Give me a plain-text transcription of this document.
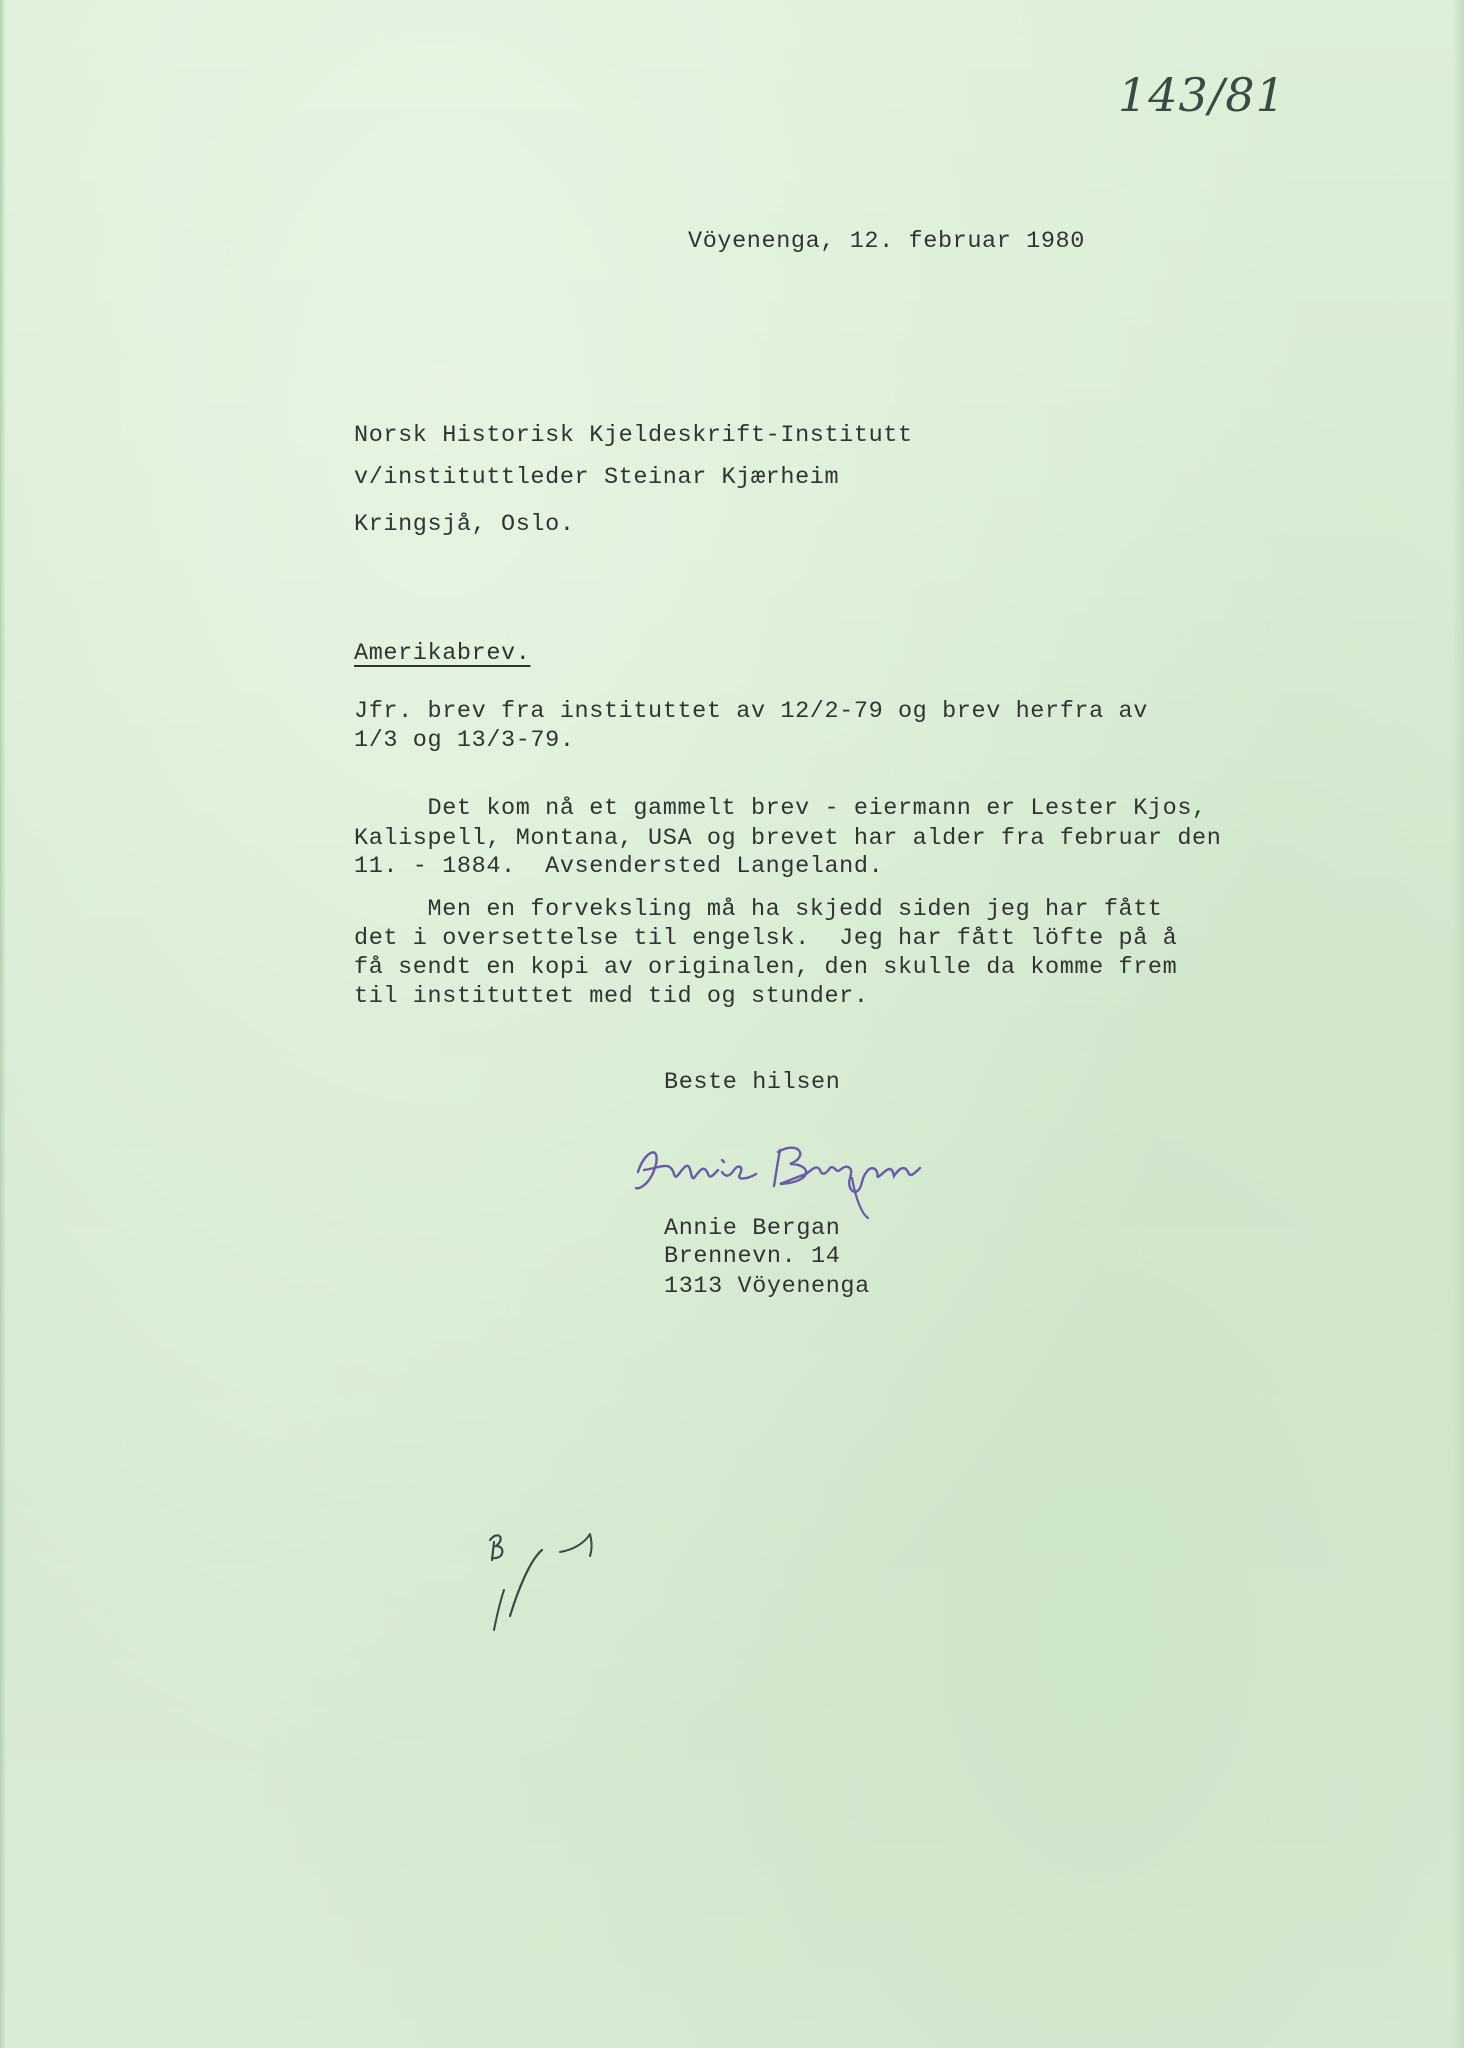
143/81
Vöyenenga, 12. februar 1980
Norsk Historisk Kjeldeskrift-Institutt
v/instituttleder Steinar Kjærheim
Kringsjå, Oslo.
Amerikabrev.
Jfr. brev fra instituttet av 12/2-79 og brev herfra av
1/3 og 13/3-79.
Det kom nå et gammelt brev - eiermann er Lester Kjos,
Kalispell, Montana, USA og brevet har alder fra februar den
11. - 1884.  Avsendersted Langeland.
Men en forveksling må ha skjedd siden jeg har fått
det i oversettelse til engelsk.  Jeg har fått löfte på å
få sendt en kopi av originalen, den skulle da komme frem
til instituttet med tid og stunder.
Beste hilsen
Annie Bergan
Brennevn. 14
1313 Vöyenenga
